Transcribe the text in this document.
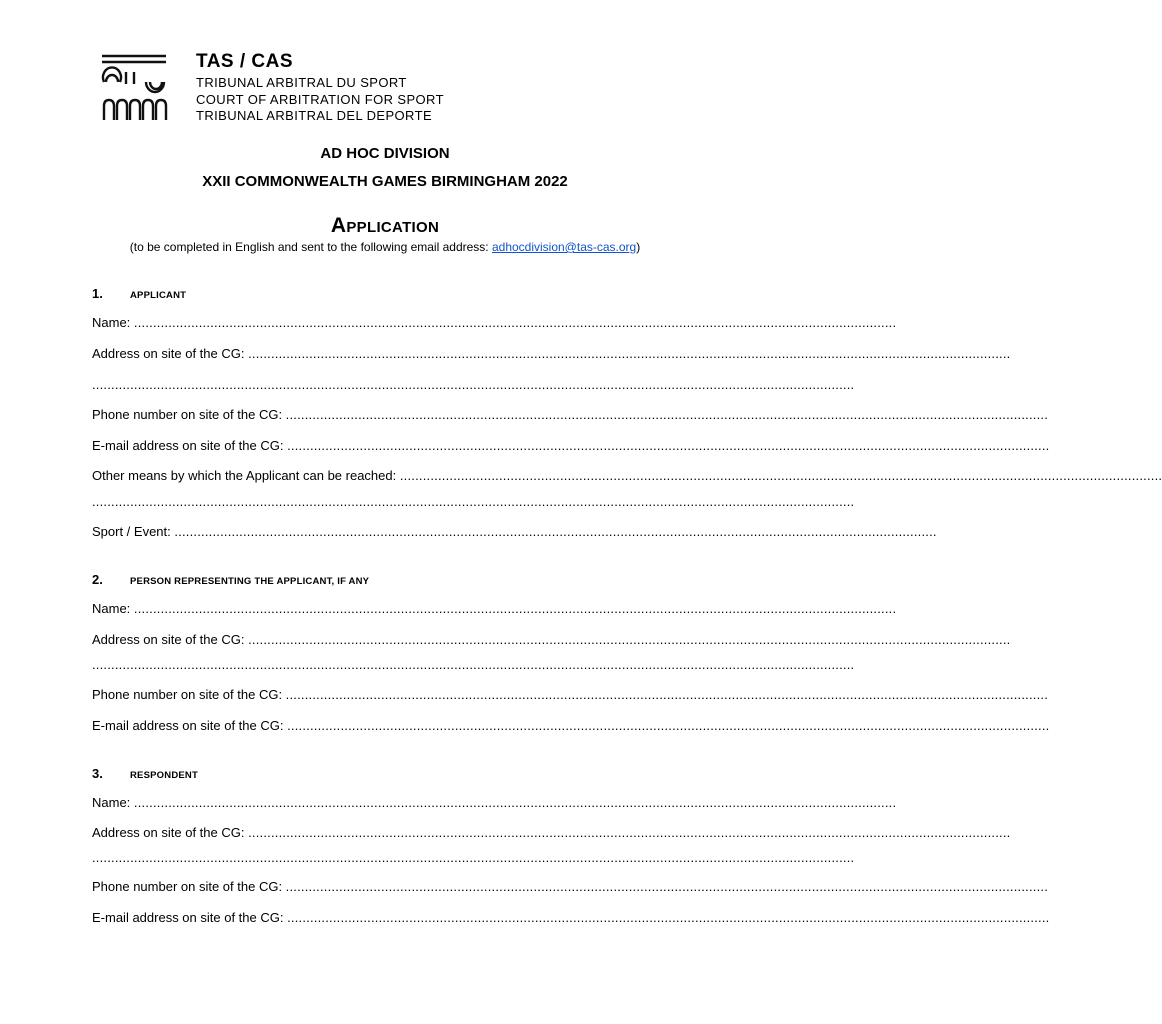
TAS / CAS
TRIBUNAL ARBITRAL DU SPORT
COURT OF ARBITRATION FOR SPORT
TRIBUNAL ARBITRAL DEL DEPORTE
AD HOC DIVISION
XXII COMMONWEALTH GAMES BIRMINGHAM 2022
Application
(to be completed in English and sent to the following email address: adhocdivision@tas-cas.org)
1.	APPLICANT
Name: ........................................................................................................................................................................................................
Address on site of the CG: ........................................................................................................................................................................................................
........................................................................................................................................................................................................
Phone number on site of the CG: ........................................................................................................................................................................................................
E-mail address on site of the CG: ........................................................................................................................................................................................................
Other means by which the Applicant can be reached: ........................................................................................................................................................................................................
........................................................................................................................................................................................................
Sport / Event: ........................................................................................................................................................................................................
2.	PERSON REPRESENTING THE APPLICANT, IF ANY
Name: ........................................................................................................................................................................................................
Address on site of the CG: ........................................................................................................................................................................................................
........................................................................................................................................................................................................
Phone number on site of the CG: ........................................................................................................................................................................................................
E-mail address on site of the CG: ........................................................................................................................................................................................................
3.	RESPONDENT
Name: ........................................................................................................................................................................................................
Address on site of the CG: ........................................................................................................................................................................................................
........................................................................................................................................................................................................
Phone number on site of the CG: ........................................................................................................................................................................................................
E-mail address on site of the CG: ........................................................................................................................................................................................................
